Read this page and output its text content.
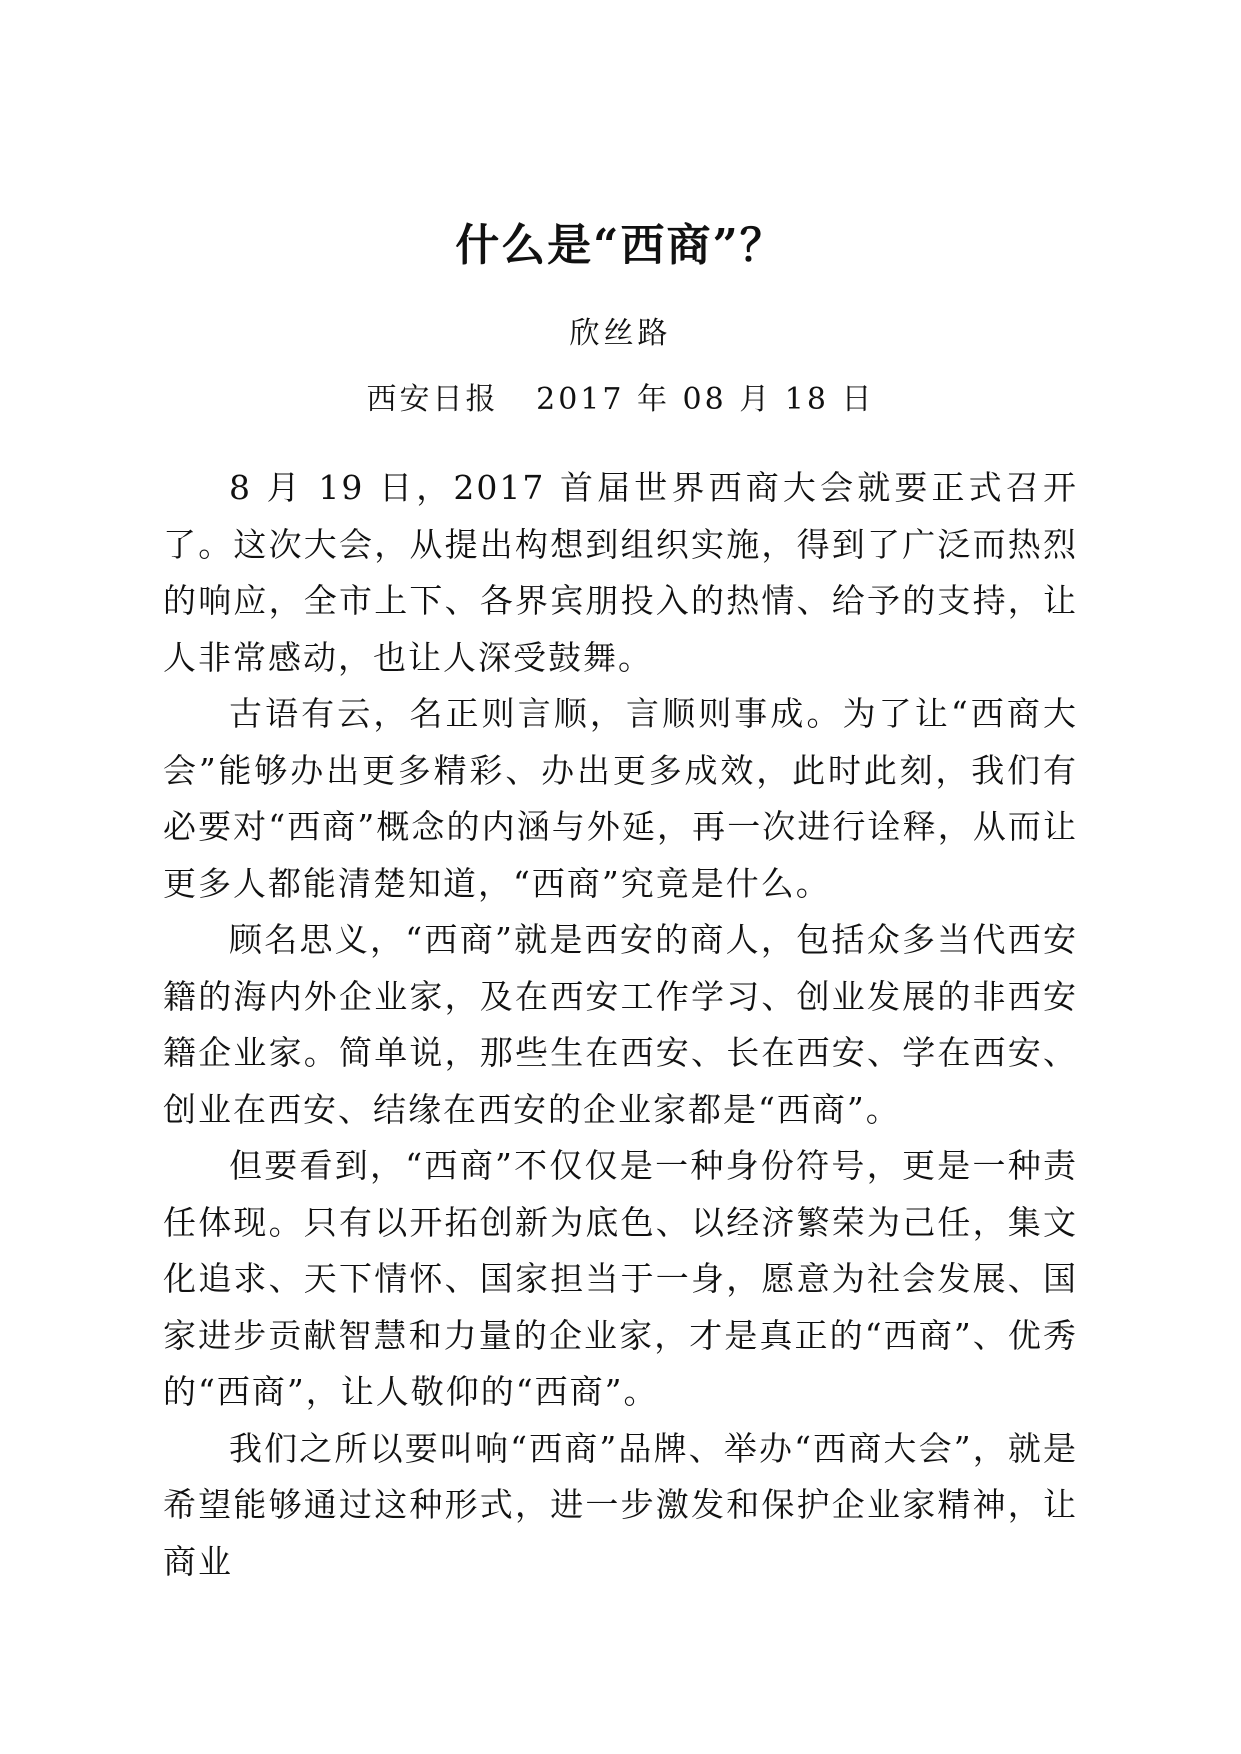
什么是“西商”？
欣丝路
西安日报 2017 年 08 月 18 日

8 月 19 日，2017 首届世界西商大会就要正式召开了。这次大会，从提出构想到组织实施，得到了广泛而热烈的响应，全市上下、各界宾朋投入的热情、给予的支持，让人非常感动，也让人深受鼓舞。

古语有云，名正则言顺，言顺则事成。为了让“西商大会”能够办出更多精彩、办出更多成效，此时此刻，我们有必要对“西商”概念的内涵与外延，再一次进行诠释，从而让更多人都能清楚知道，“西商”究竟是什么。

顾名思义，“西商”就是西安的商人，包括众多当代西安籍的海内外企业家，及在西安工作学习、创业发展的非西安籍企业家。简单说，那些生在西安、长在西安、学在西安、创业在西安、结缘在西安的企业家都是“西商”。

但要看到，“西商”不仅仅是一种身份符号，更是一种责任体现。只有以开拓创新为底色、以经济繁荣为己任，集文化追求、天下情怀、国家担当于一身，愿意为社会发展、国家进步贡献智慧和力量的企业家，才是真正的“西商”、优秀的“西商”，让人敬仰的“西商”。

我们之所以要叫响“西商”品牌、举办“西商大会”，就是希望能够通过这种形式，进一步激发和保护企业家精神，让商业
